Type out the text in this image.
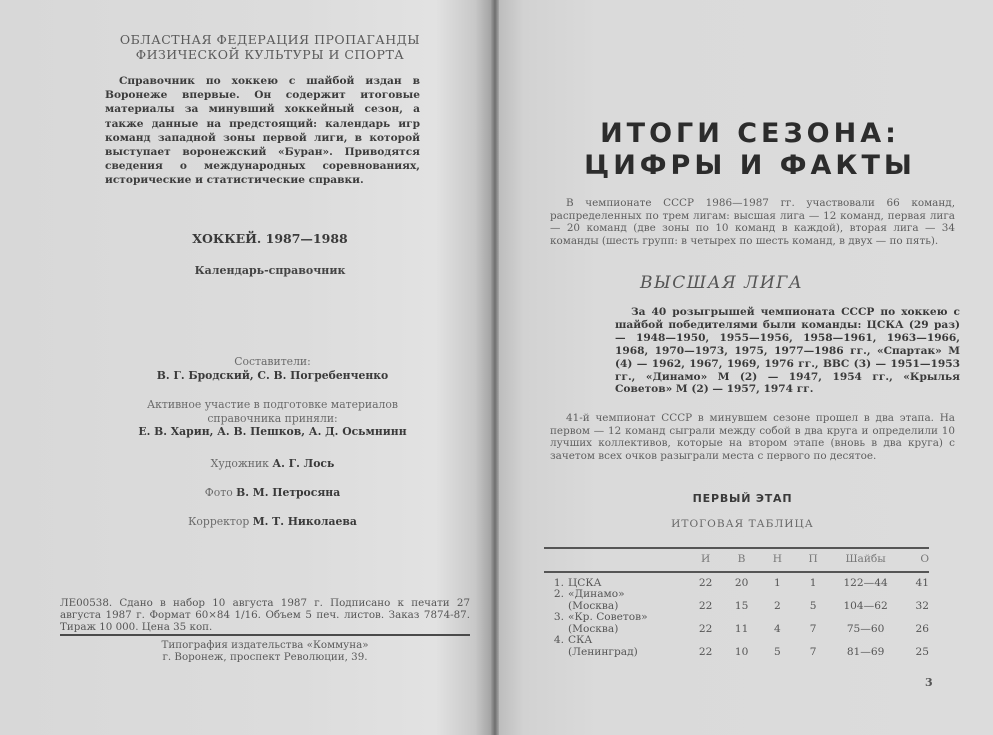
ОБЛАСТНАЯ ФЕДЕРАЦИЯ ПРОПАГАНДЫ
ФИЗИЧЕСКОЙ КУЛЬТУРЫ И СПОРТА
Справочник по хоккею с шайбой издан в Воронеже впервые. Он содержит итоговые материалы за минувший хоккейный сезон, а также данные на предстоящий: календарь игр команд западной зоны первой лиги, в которой выступает воронежский «Буран». Приводятся сведения о международных соревнованиях, исторические и статистические справки.
ХОККЕЙ. 1987—1988
Календарь-справочник
Составители:
В. Г. Бродский, С. В. Погребенченко
Активное участие в подготовке материалов
справочника приняли:
Е. В. Харин, А. В. Пешков, А. Д. Осьмнинн
Художник А. Г. Лось
Фото В. М. Петросяна
Корректор М. Т. Николаева
ЛЕ00538. Сдано в набор 10 августа 1987 г. Подписано к печати 27 августа 1987 г. Формат 60×84 1/16. Объем 5 печ. листов. Заказ 7874-87. Тираж 10 000. Цена 35 коп.
Типография издательства «Коммуна»
г. Воронеж, проспект Революции, 39.
ИТОГИ СЕЗОНА:
ЦИФРЫ И ФАКТЫ
В чемпионате СССР 1986—1987 гг. участвовали 66 команд, распределенных по трем лигам: высшая лига — 12 команд, первая лига — 20 команд (две зоны по 10 команд в каждой), вторая лига — 34 команды (шесть групп: в четырех по шесть команд, в двух — по пять).
ВЫСШАЯ ЛИГА
За 40 розыгрышей чемпионата СССР по хоккею с шайбой победителями были команды: ЦСКА (29 раз) — 1948—1950, 1955—1956, 1958—1961, 1963—1966, 1968, 1970—1973, 1975, 1977—1986 гг., «Спартак» М (4) — 1962, 1967, 1969, 1976 гг., ВВС (3) — 1951—1953 гг., «Динамо» М (2) — 1947, 1954 гг., «Крылья Советов» М (2) — 1957, 1974 гг.
41-й чемпионат СССР в минувшем сезоне прошел в два этапа. На первом — 12 команд сыграли между собой в два круга и определили 10 лучших коллективов, которые на втором этапе (вновь в два круга) с зачетом всех очков разыграли места с первого по десятое.
ПЕРВЫЙ ЭТАП
ИТОГОВАЯ ТАБЛИЦА
	И	В	Н	П	Шайбы	О
1. ЦСКА	22	20	1	1	122—44	41
2. «Динамо»
(Москва)	22	15	2	5	104—62	32
3. «Кр. Советов»
(Москва)	22	11	4	7	75—60	26
4. СКА
(Ленинград)	22	10	5	7	81—69	25
3
